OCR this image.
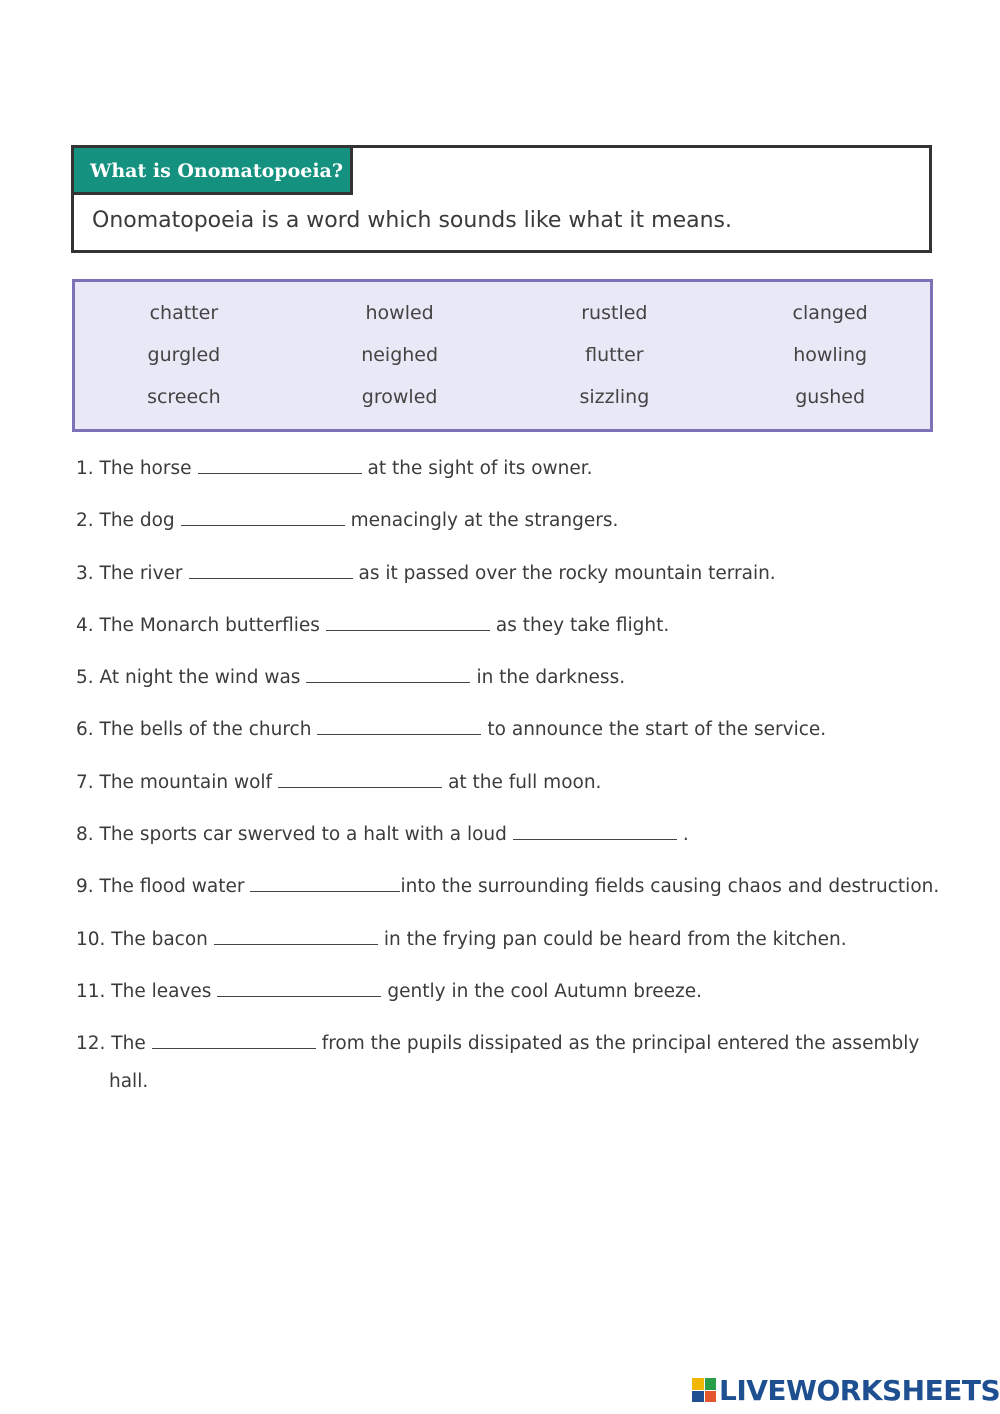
What is Onomatopoeia?
Onomatopoeia is a word which sounds like what it means.
chatter	howled	rustled	clanged
gurgled	neighed	flutter	howling
screech	growled	sizzling	gushed
1. The horse	at the sight of its owner.
2. The dog	menacingly at the strangers.
3. The river	as it passed over the rocky mountain terrain.
4. The Monarch butterflies	as they take flight.
5. At night the wind was	in the darkness.
6. The bells of the church	to announce the start of the service.
7. The mountain wolf	at the full moon.
8. The sports car swerved to a halt with a loud	.
9. The flood water	into the surrounding fields causing chaos and destruction.
10. The bacon	in the frying pan could be heard from the kitchen.
11. The leaves	gently in the cool Autumn breeze.
12. The	from the pupils dissipated as the principal entered the assembly
hall.
LIVEWORKSHEETS
